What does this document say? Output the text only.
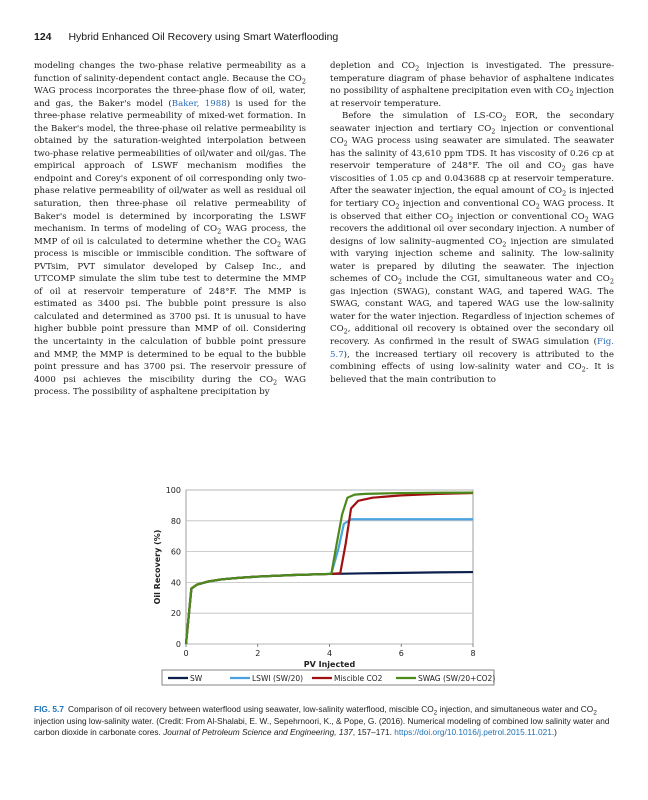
124 Hybrid Enhanced Oil Recovery using Smart Waterflooding

modeling changes the two-phase relative permeability as a function of salinity-dependent contact angle. Because the $CO_2$ WAG process incorporates the three-phase flow of oil, water, and gas, the Baker's model (Baker, 1988) is used for the three-phase relative permeability of mixed-wet formation. In the Baker's model, the three-phase oil relative permeability is obtained by the saturation-weighted interpolation between two-phase relative permeabilities of oil/water and oil/gas. The empirical approach of LSWF mechanism modifies the endpoint and Corey's exponent of oil corresponding only two-phase relative permeability of oil/water as well as residual oil saturation, then three-phase oil relative permeability of Baker's model is determined by incorporating the LSWF mechanism. In terms of modeling of $CO_2$ WAG process, the MMP of oil is calculated to determine whether the $CO_2$ WAG process is miscible or immiscible condition. The software of PVTsim, PVT simulator developed by Calsep Inc., and UTCOMP simulate the slim tube test to determine the MMP of oil at reservoir temperature of 248°F. The MMP is estimated as 3400 psi. The bubble point pressure is also calculated and determined as 3700 psi. It is unusual to have higher bubble point pressure than MMP of oil. Considering the uncertainty in the calculation of bubble point pressure and MMP, the MMP is determined to be equal to the bubble point pressure and has 3700 psi. The reservoir pressure of 4000 psi achieves the miscibility during the $CO_2$ WAG process. The possibility of asphaltene precipitation by

depletion and $CO_2$ injection is investigated. The pressure-temperature diagram of phase behavior of asphaltene indicates no possibility of asphaltene precipitation even with $CO_2$ injection at reservoir temperature.

Before the simulation of $LS-CO_2$ EOR, the secondary seawater injection and tertiary $CO_2$ injection or conventional $CO_2$ WAG process using seawater are simulated. The seawater has the salinity of 43,610 ppm TDS. It has viscosity of 0.26 cp at reservoir temperature of 248°F. The oil and $CO_2$ gas have viscosities of 1.05 cp and 0.043688 cp at reservoir temperature. After the seawater injection, the equal amount of $CO_2$ is injected for tertiary $CO_2$ injection and conventional $CO_2$ WAG process. It is observed that either $CO_2$ injection or conventional $CO_2$ WAG recovers the additional oil over secondary injection. A number of designs of low salinity–augmented $CO_2$ injection are simulated with varying injection scheme and salinity. The low-salinity water is prepared by diluting the seawater. The injection schemes of $CO_2$ include the CGI, simultaneous water and $CO_2$ gas injection (SWAG), constant WAG, and tapered WAG. The SWAG, constant WAG, and tapered WAG use the low-salinity water for the water injection. Regardless of injection schemes of $CO_2$, additional oil recovery is obtained over the secondary oil recovery. As confirmed in the result of SWAG simulation (Fig. 5.7), the increased tertiary oil recovery is attributed to the combining effects of using low-salinity water and $CO_2$. It is believed that the main contribution to

0
20
40
60
80
100
0	2	4	6	8
PV Injected
Oil Recovery (%)
SW	LSWI (SW/20)	Miscible CO2	SWAG (SW/20+CO2)
FIG. 5.7 Comparison of oil recovery between waterflood using seawater, low-salinity waterflood, miscible $CO_2$ injection, and simultaneous water and $CO_2$ injection using low-salinity water. (Credit: From Al-Shalabi, E. W., Sepehrnoori, K., & Pope, G. (2016). Numerical modeling of combined low salinity water and carbon dioxide in carbonate cores. Journal of Petroleum Science and Engineering, 137, 157–171. https://doi.org/10.1016/j.petrol.2015.11.021.)
